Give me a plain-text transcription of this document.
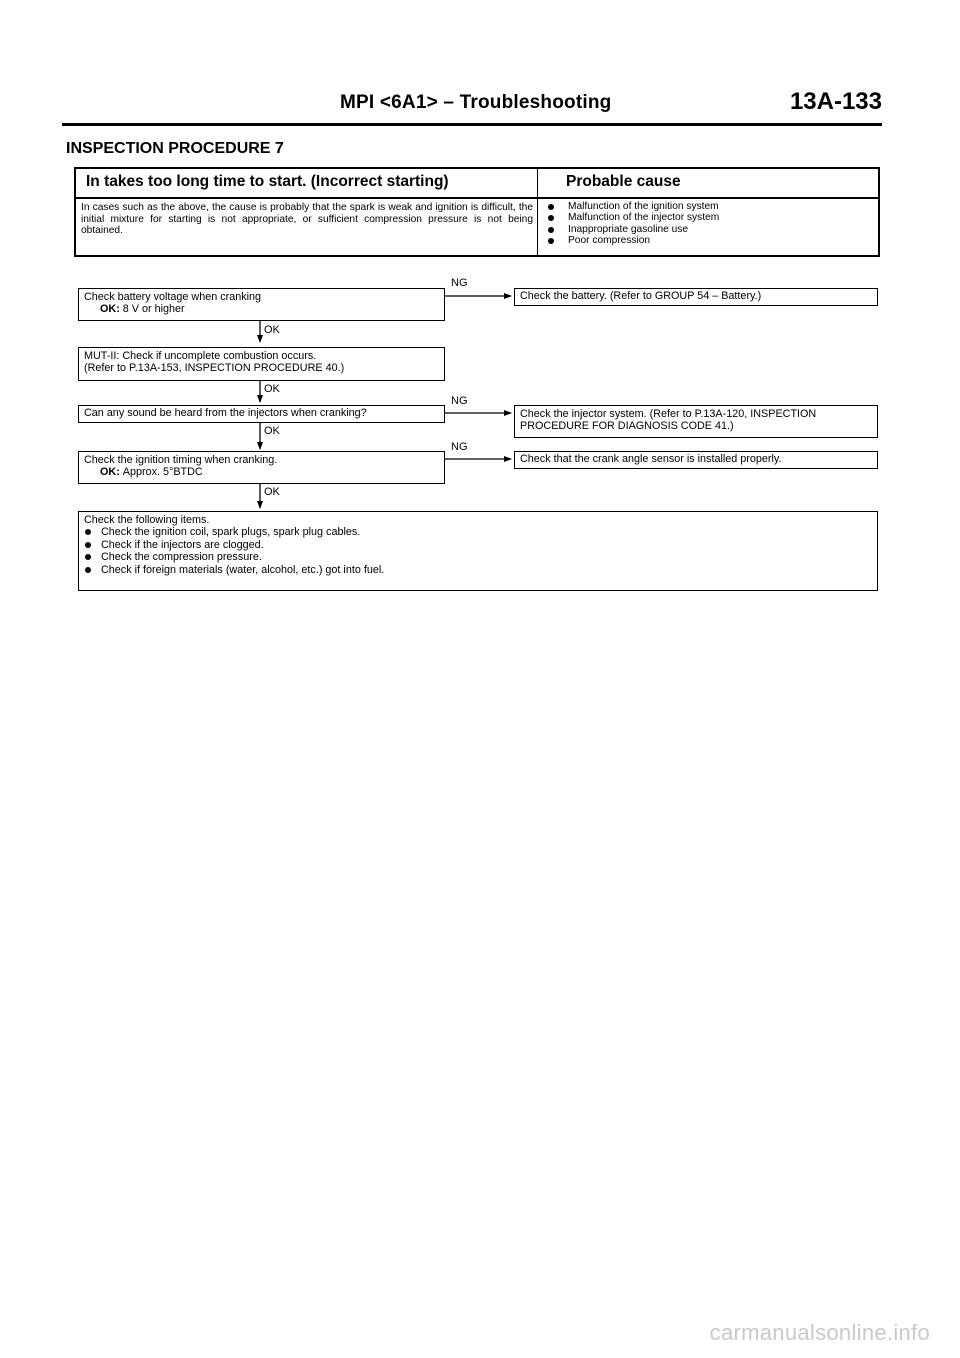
MPI <6A1> – Troubleshooting	13A-133
INSPECTION PROCEDURE 7
In takes too long time to start. (Incorrect starting)	Probable cause
In cases such as the above, the cause is probably that the spark is weak and ignition is difficult, the initial mixture for starting is not appropriate, or sufficient compression pressure is not being obtained.
Malfunction of the ignition system
Malfunction of the injector system
Inappropriate gasoline use
Poor compression
Check battery voltage when cranking
OK: 8 V or higher
NG
Check the battery. (Refer to GROUP 54 – Battery.)
OK
MUT-II: Check if uncomplete combustion occurs.
(Refer to P.13A-153, INSPECTION PROCEDURE 40.)
OK
Can any sound be heard from the injectors when cranking?
NG
Check the injector system. (Refer to P.13A-120, INSPECTION
PROCEDURE FOR DIAGNOSIS CODE 41.)
OK
Check the ignition timing when cranking.
OK: Approx. 5°BTDC
NG
Check that the crank angle sensor is installed properly.
OK
Check the following items.
Check the ignition coil, spark plugs, spark plug cables.
Check if the injectors are clogged.
Check the compression pressure.
Check if foreign materials (water, alcohol, etc.) got into fuel.
carmanualsonline.info
